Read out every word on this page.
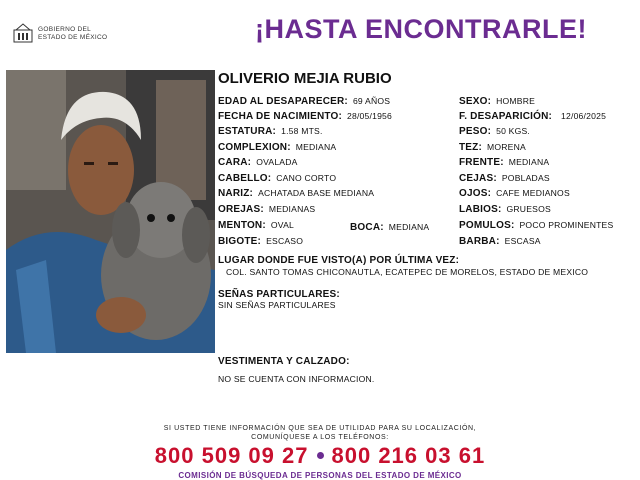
GOBIERNO DEL
ESTADO DE MÉXICO	¡HASTA ENCONTRARLE!
OLIVERIO MEJIA RUBIO
EDAD AL DESAPARECER: 69 AÑOS
FECHA DE NACIMIENTO: 28/05/1956
ESTATURA: 1.58 MTS.
COMPLEXION: MEDIANA
CARA: OVALADA
CABELLO: CANO CORTO
NARIZ: ACHATADA BASE MEDIANA
OREJAS: MEDIANAS
MENTON: OVAL	BOCA: MEDIANA
BIGOTE: ESCASO
SEXO: HOMBRE
F. DESAPARICIÓN: 12/06/2025
PESO: 50 KGS.
TEZ: MORENA
FRENTE: MEDIANA
CEJAS: POBLADAS
OJOS: CAFE MEDIANOS
LABIOS: GRUESOS
POMULOS: POCO PROMINENTES
BARBA: ESCASA
LUGAR DONDE FUE VISTO(A) POR ÚLTIMA VEZ:
COL. SANTO TOMAS CHICONAUTLA, ECATEPEC DE MORELOS, ESTADO DE MEXICO
SEÑAS PARTICULARES:
SIN SEÑAS PARTICULARES
VESTIMENTA Y CALZADO:
NO SE CUENTA CON INFORMACION.
SI USTED TIENE INFORMACIÓN QUE SEA DE UTILIDAD PARA SU LOCALIZACIÓN,
COMUNÍQUESE A LOS TELÉFONOS:
800 509 09 27 800 216 03 61
COMISIÓN DE BÚSQUEDA DE PERSONAS DEL ESTADO DE MÉXICO
